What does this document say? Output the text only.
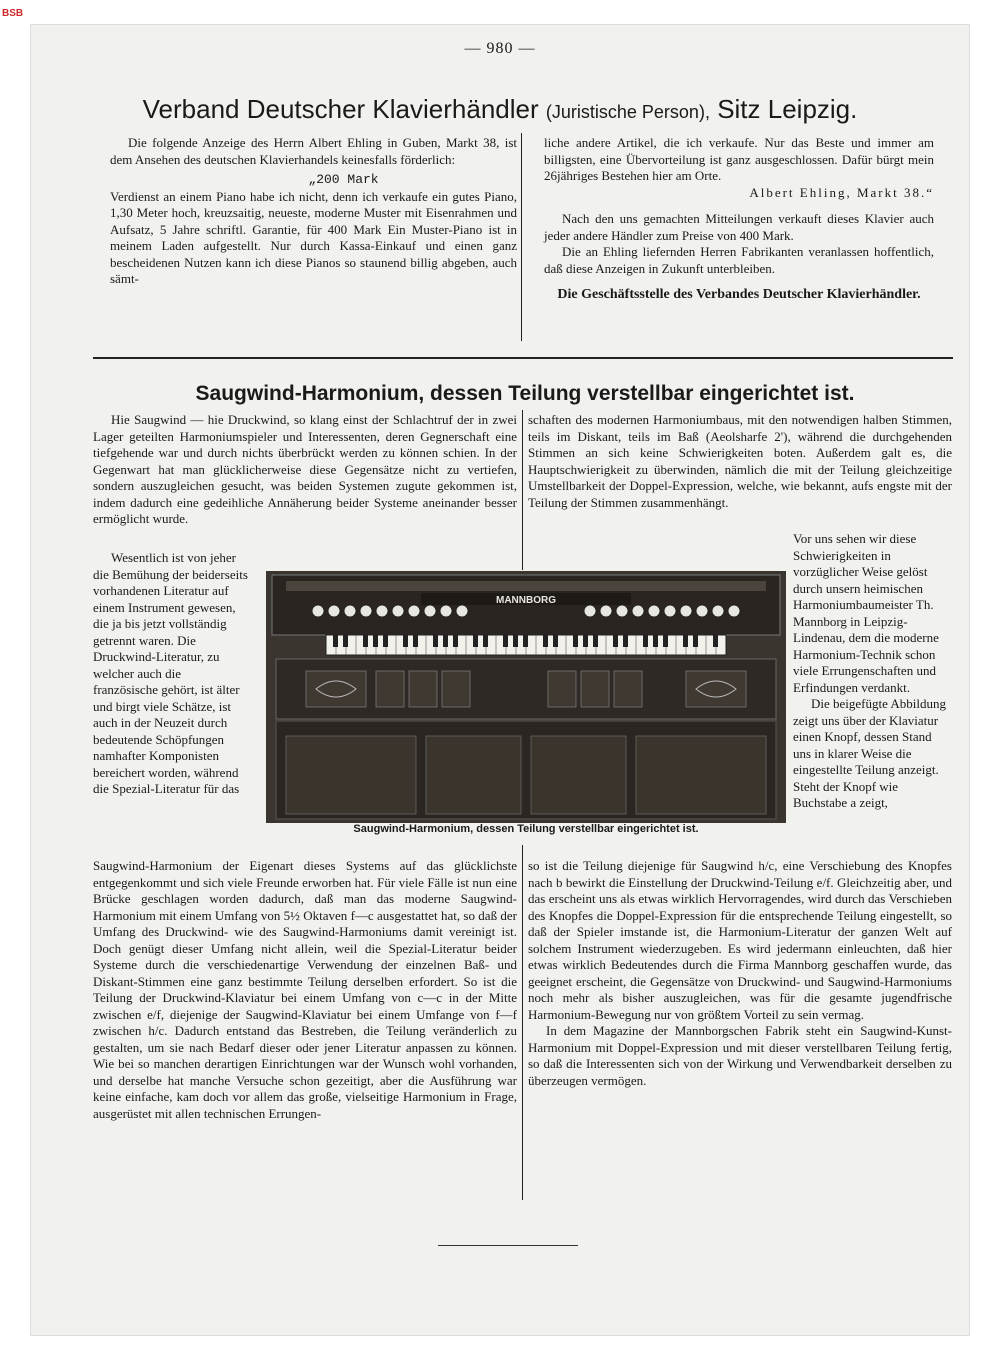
BSB
— 980 —
Verband Deutscher Klavierhändler (Juristische Person), Sitz Leipzig.

Die folgende Anzeige des Herrn Albert Ehling in Guben, Markt 38, ist dem Ansehen des deutschen Klavierhandels keinesfalls förderlich:

„200 Mark

Verdienst an einem Piano habe ich nicht, denn ich verkaufe ein gutes Piano, 1,30 Meter hoch, kreuzsaitig, neueste, moderne Muster mit Eisenrahmen und Aufsatz, 5 Jahre schriftl. Garantie, für 400 Mark Ein Muster-Piano ist in meinem Laden aufgestellt. Nur durch Kassa-Einkauf und einen ganz bescheidenen Nutzen kann ich diese Pianos so staunend billig abgeben, auch sämt-

liche andere Artikel, die ich verkaufe. Nur das Beste und immer am billigsten, eine Übervorteilung ist ganz ausgeschlossen. Dafür bürgt mein 26jähriges Bestehen hier am Orte.

Albert Ehling, Markt 38.“

Nach den uns gemachten Mitteilungen verkauft dieses Klavier auch jeder andere Händler zum Preise von 400 Mark.

Die an Ehling liefernden Herren Fabrikanten veranlassen hoffentlich, daß diese Anzeigen in Zukunft unterbleiben.

Die Geschäftsstelle des Verbandes Deutscher Klavierhändler.
Saugwind-Harmonium, dessen Teilung verstellbar eingerichtet ist.

Hie Saugwind — hie Druckwind, so klang einst der Schlachtruf der in zwei Lager geteilten Harmoniumspieler und Interessenten, deren Gegnerschaft eine tiefgehende war und durch nichts überbrückt werden zu können schien. In der Gegenwart hat man glücklicherweise diese Gegensätze nicht zu vertiefen, sondern auszugleichen gesucht, was beiden Systemen zugute gekommen ist, indem dadurch eine gedeihliche Annäherung beider Systeme aneinander besser ermöglicht wurde.

Wesentlich ist von jeher die Bemühung der beiderseits vorhandenen Literatur auf einem Instrument gewesen, die ja bis jetzt vollständig getrennt waren. Die Druckwind-Literatur, zu welcher auch die französische gehört, ist älter und birgt viele Schätze, ist auch in der Neuzeit durch bedeutende Schöpfungen namhafter Komponisten bereichert worden, während die Spezial-Literatur für das

Saugwind-Harmonium der Eigenart dieses Systems auf das glücklichste entgegenkommt und sich viele Freunde erworben hat. Für viele Fälle ist nun eine Brücke geschlagen worden dadurch, daß man das moderne Saugwind-Harmonium mit einem Umfang von 5½ Oktaven f—c ausgestattet hat, so daß der Umfang des Druckwind- wie des Saugwind-Harmoniums damit vereinigt ist. Doch genügt dieser Umfang nicht allein, weil die Spezial-Literatur beider Systeme durch die verschiedenartige Verwendung der einzelnen Baß- und Diskant-Stimmen eine ganz bestimmte Teilung derselben erfordert. So ist die Teilung der Druckwind-Klaviatur bei einem Umfang von c—c in der Mitte zwischen e/f, diejenige der Saugwind-Klaviatur bei einem Umfange von f—f zwischen h/c. Dadurch entstand das Bestreben, die Teilung veränderlich zu gestalten, um sie nach Bedarf dieser oder jener Literatur anpassen zu können. Wie bei so manchen derartigen Einrichtungen war der Wunsch wohl vorhanden, und derselbe hat manche Versuche schon gezeitigt, aber die Ausführung war keine einfache, kam doch vor allem das große, vielseitige Harmonium in Frage, ausgerüstet mit allen technischen Errungen-

schaften des modernen Harmoniumbaus, mit den notwendigen halben Stimmen, teils im Diskant, teils im Baß (Aeolsharfe 2'), während die durchgehenden Stimmen an sich keine Schwierigkeiten boten. Außerdem galt es, die Hauptschwierigkeit zu überwinden, nämlich die mit der Teilung gleichzeitige Umstellbarkeit der Doppel-Expression, welche, wie bekannt, aufs engste mit der Teilung der Stimmen zusammenhängt.

Vor uns sehen wir diese Schwierigkeiten in vorzüglicher Weise gelöst durch unsern heimischen Harmoniumbaumeister Th. Mannborg in Leipzig-Lindenau, dem die moderne Harmonium-Technik schon viele Errungenschaften und Erfindungen verdankt.

Die beigefügte Abbildung zeigt uns über der Klaviatur einen Knopf, dessen Stand uns in klarer Weise die eingestellte Teilung anzeigt. Steht der Knopf wie Buchstabe a zeigt,

so ist die Teilung diejenige für Saugwind h/c, eine Verschiebung des Knopfes nach b bewirkt die Einstellung der Druckwind-Teilung e/f. Gleichzeitig aber, und das erscheint uns als etwas wirklich Hervorragendes, wird durch das Verschieben des Knopfes die Doppel-Expression für die entsprechende Teilung eingestellt, so daß der Spieler imstande ist, die Harmonium-Literatur der ganzen Welt auf solchem Instrument wiederzugeben. Es wird jedermann einleuchten, daß hier etwas wirklich Bedeutendes durch die Firma Mannborg geschaffen wurde, das geeignet erscheint, die Gegensätze von Druckwind- und Saugwind-Harmoniums noch mehr als bisher auszugleichen, was für die gesamte jugendfrische Harmonium-Bewegung nur von größtem Vorteil zu sein vermag.

In dem Magazine der Mannborgschen Fabrik steht ein Saugwind-Kunst-Harmonium mit Doppel-Expression und mit dieser verstellbaren Teilung fertig, so daß die Interessenten sich von der Wirkung und Verwendbarkeit derselben zu überzeugen vermögen.

MANNBORG
Saugwind-Harmonium, dessen Teilung verstellbar eingerichtet ist.
